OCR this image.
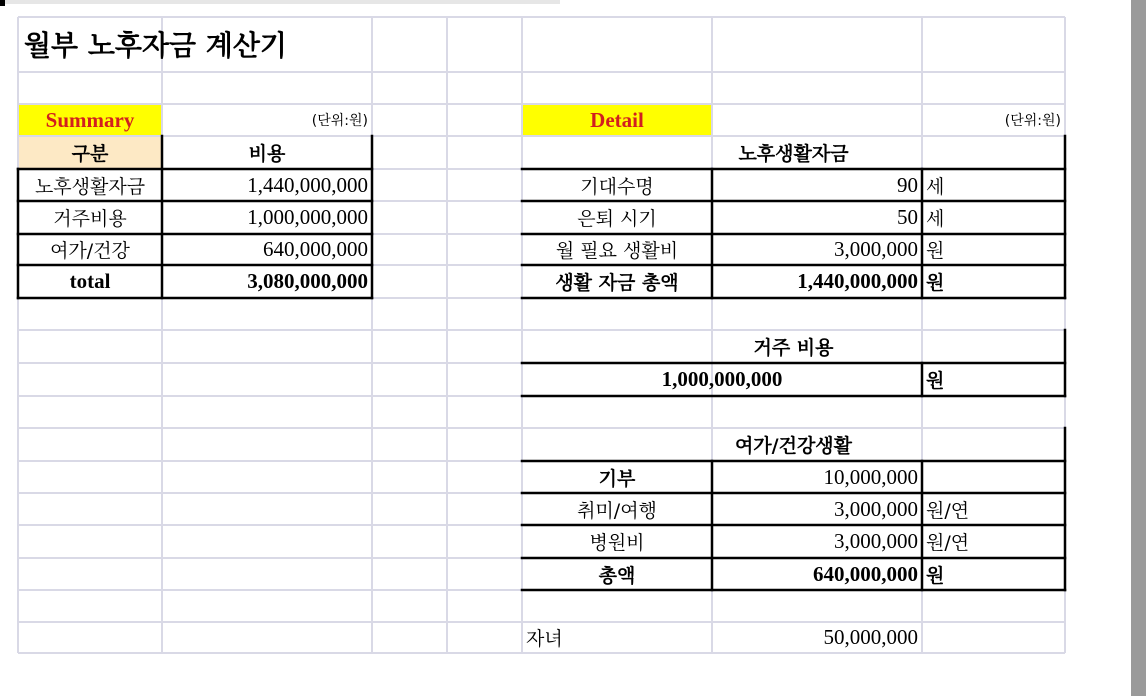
월부 노후자금 계산기
Summary	(단위:원)
구분	비용
노후생활자금	1,440,000,000
거주비용	1,000,000,000
여가/건강	640,000,000
total	3,080,000,000
Detail	(단위:원)
노후생활자금
기대수명	90 세
은퇴 시기	50 세
월 필요 생활비	3,000,000 원
생활 자금 총액	1,440,000,000 원
거주 비용
1,000,000,000	원
여가/건강생활
기부	10,000,000
취미/여행	3,000,000 원/연
병원비	3,000,000 원/연
총액	640,000,000 원
자녀	50,000,000
